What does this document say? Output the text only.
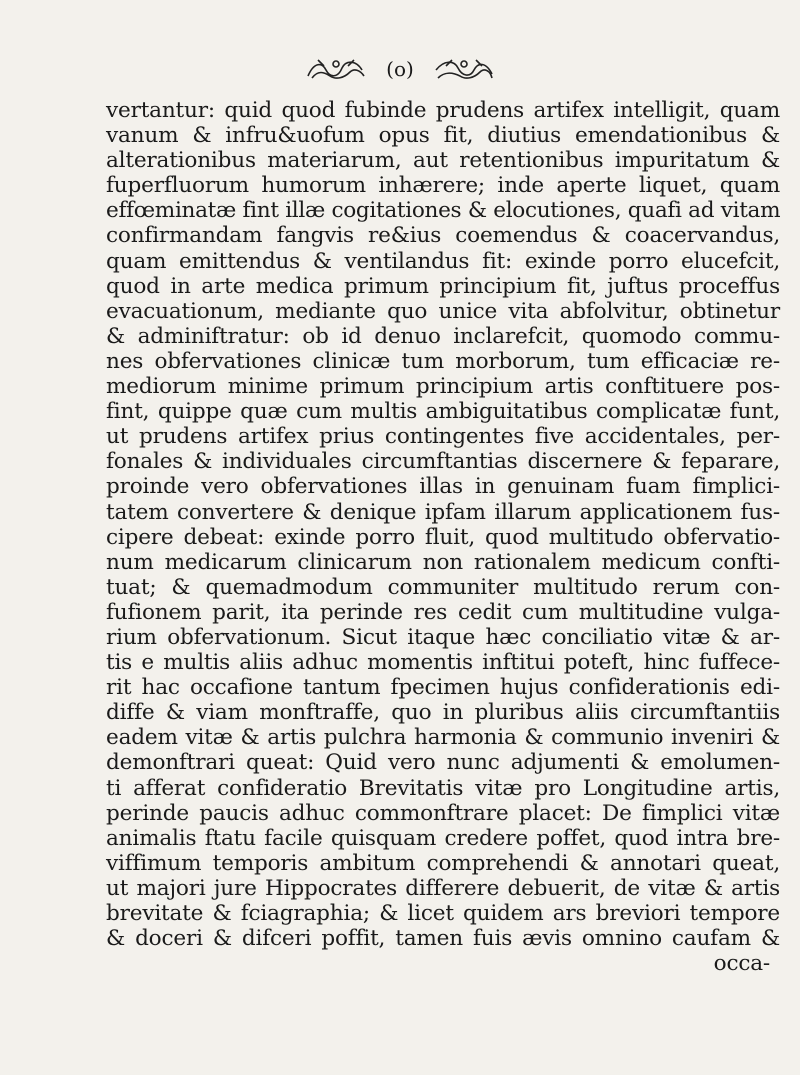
(o)
vertantur: quid quod fubinde prudens artifex intelligit, quam
vanum & infru&uofum opus fit, diutius emendationibus &
alterationibus materiarum, aut retentionibus impuritatum &
fuperfluorum humorum inhærere; inde aperte liquet, quam
effœminatæ fint illæ cogitationes & elocutiones, quafi ad vitam
confirmandam fangvis re&ius coemendus & coacervandus,
quam emittendus & ventilandus fit: exinde porro elucefcit,
quod in arte medica primum principium fit, juftus proceffus
evacuationum, mediante quo unice vita abfolvitur, obtinetur
& adminiftratur: ob id denuo inclarefcit, quomodo commu-
nes obfervationes clinicæ tum morborum, tum efficaciæ re-
mediorum minime primum principium artis conftituere pos-
fint, quippe quæ cum multis ambiguitatibus complicatæ funt,
ut prudens artifex prius contingentes five accidentales, per-
fonales & individuales circumftantias discernere & feparare,
proinde vero obfervationes illas in genuinam fuam fimplici-
tatem convertere & denique ipfam illarum applicationem fus-
cipere debeat: exinde porro fluit, quod multitudo obfervatio-
num medicarum clinicarum non rationalem medicum confti-
tuat; & quemadmodum communiter multitudo rerum con-
fufionem parit, ita perinde res cedit cum multitudine vulga-
rium obfervationum. Sicut itaque hæc conciliatio vitæ & ar-
tis e multis aliis adhuc momentis inftitui poteft, hinc fuffece-
rit hac occafione tantum fpecimen hujus confiderationis edi-
diffe & viam monftraffe, quo in pluribus aliis circumftantiis
eadem vitæ & artis pulchra harmonia & communio inveniri &
demonftrari queat: Quid vero nunc adjumenti & emolumen-
ti afferat confideratio Brevitatis vitæ pro Longitudine artis,
perinde paucis adhuc commonftrare placet: De fimplici vitæ
animalis ftatu facile quisquam credere poffet, quod intra bre-
viffimum temporis ambitum comprehendi & annotari queat,
ut majori jure Hippocrates differere debuerit, de vitæ & artis
brevitate & fciagraphia; & licet quidem ars breviori tempore
& doceri & difceri poffit, tamen fuis ævis omnino caufam &
occa-
